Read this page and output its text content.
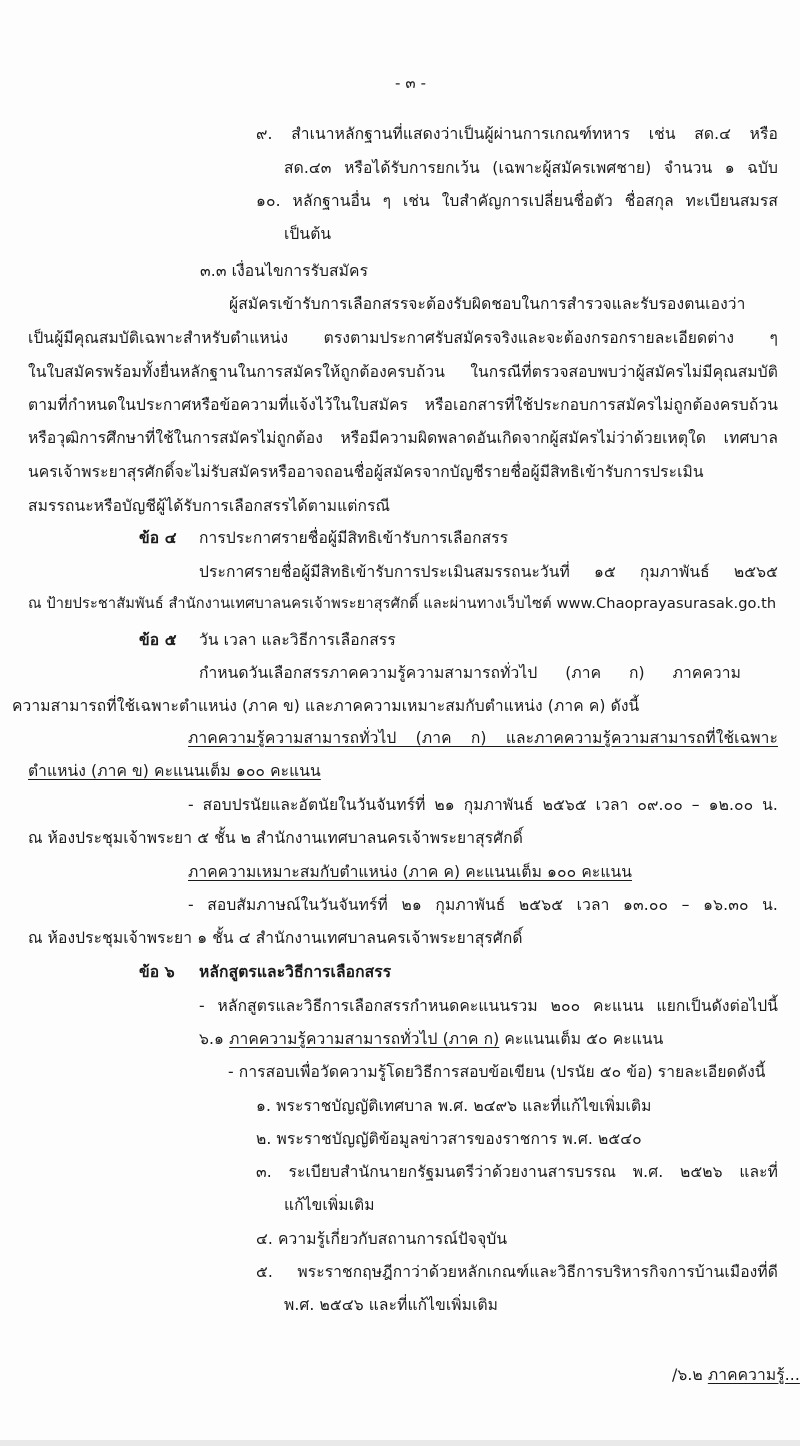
- ๓ -
๙. สำเนาหลักฐานที่แสดงว่าเป็นผู้ผ่านการเกณฑ์ทหาร เช่น สด.๔ หรือ
สด.๔๓ หรือได้รับการยกเว้น (เฉพาะผู้สมัครเพศชาย) จำนวน ๑ ฉบับ
๑๐. หลักฐานอื่น ๆ เช่น ใบสำคัญการเปลี่ยนชื่อตัว ชื่อสกุล ทะเบียนสมรส
เป็นต้น
๓.๓ เงื่อนไขการรับสมัคร
ผู้สมัครเข้ารับการเลือกสรรจะต้องรับผิดชอบในการสำรวจและรับรองตนเองว่า
เป็นผู้มีคุณสมบัติเฉพาะสำหรับตำแหน่ง ตรงตามประกาศรับสมัครจริงและจะต้องกรอกรายละเอียดต่าง ๆ
ในใบสมัครพร้อมทั้งยื่นหลักฐานในการสมัครให้ถูกต้องครบถ้วน ในกรณีที่ตรวจสอบพบว่าผู้สมัครไม่มีคุณสมบัติ
ตามที่กำหนดในประกาศหรือข้อความที่แจ้งไว้ในใบสมัคร หรือเอกสารที่ใช้ประกอบการสมัครไม่ถูกต้องครบถ้วน
หรือวุฒิการศึกษาที่ใช้ในการสมัครไม่ถูกต้อง หรือมีความผิดพลาดอันเกิดจากผู้สมัครไม่ว่าด้วยเหตุใด เทศบาล
นครเจ้าพระยาสุรศักดิ์จะไม่รับสมัครหรืออาจถอนชื่อผู้สมัครจากบัญชีรายชื่อผู้มีสิทธิเข้ารับการประเมิน
สมรรถนะหรือบัญชีผู้ได้รับการเลือกสรรได้ตามแต่กรณี
ข้อ ๔ การประกาศรายชื่อผู้มีสิทธิเข้ารับการเลือกสรร
ประกาศรายชื่อผู้มีสิทธิเข้ารับการประเมินสมรรถนะวันที่ ๑๕ กุมภาพันธ์ ๒๕๖๕
ณ ป้ายประชาสัมพันธ์ สำนักงานเทศบาลนครเจ้าพระยาสุรศักดิ์ และผ่านทางเว็บไซต์ www.Chaoprayasurasak.go.th
ข้อ ๕ วัน เวลา และวิธีการเลือกสรร
กำหนดวันเลือกสรรภาคความรู้ความสามารถทั่วไป (ภาค ก) ภาคความ
ความสามารถที่ใช้เฉพาะตำแหน่ง (ภาค ข) และภาคความเหมาะสมกับตำแหน่ง (ภาค ค) ดังนี้
ภาคความรู้ความสามารถทั่วไป (ภาค ก) และภาคความรู้ความสามารถที่ใช้เฉพาะ
ตำแหน่ง (ภาค ข) คะแนนเต็ม ๑๐๐ คะแนน
- สอบปรนัยและอัตนัยในวันจันทร์ที่ ๒๑ กุมภาพันธ์ ๒๕๖๕ เวลา ๐๙.๐๐ – ๑๒.๐๐ น.
ณ ห้องประชุมเจ้าพระยา ๕ ชั้น ๒ สำนักงานเทศบาลนครเจ้าพระยาสุรศักดิ์
ภาคความเหมาะสมกับตำแหน่ง (ภาค ค) คะแนนเต็ม ๑๐๐ คะแนน
- สอบสัมภาษณ์ในวันจันทร์ที่ ๒๑ กุมภาพันธ์ ๒๕๖๕ เวลา ๑๓.๐๐ – ๑๖.๓๐ น.
ณ ห้องประชุมเจ้าพระยา ๑ ชั้น ๔ สำนักงานเทศบาลนครเจ้าพระยาสุรศักดิ์
ข้อ ๖ หลักสูตรและวิธีการเลือกสรร
- หลักสูตรและวิธีการเลือกสรรกำหนดคะแนนรวม ๒๐๐ คะแนน แยกเป็นดังต่อไปนี้
๖.๑ ภาคความรู้ความสามารถทั่วไป (ภาค ก) คะแนนเต็ม ๕๐ คะแนน
- การสอบเพื่อวัดความรู้โดยวิธีการสอบข้อเขียน (ปรนัย ๕๐ ข้อ) รายละเอียดดังนี้
๑. พระราชบัญญัติเทศบาล พ.ศ. ๒๔๙๖ และที่แก้ไขเพิ่มเติม
๒. พระราชบัญญัติข้อมูลข่าวสารของราชการ พ.ศ. ๒๕๔๐
๓. ระเบียบสำนักนายกรัฐมนตรีว่าด้วยงานสารบรรณ พ.ศ. ๒๕๒๖ และที่
แก้ไขเพิ่มเติม
๔. ความรู้เกี่ยวกับสถานการณ์ปัจจุบัน
๕. พระราชกฤษฎีกาว่าด้วยหลักเกณฑ์และวิธีการบริหารกิจการบ้านเมืองที่ดี
พ.ศ. ๒๕๔๖ และที่แก้ไขเพิ่มเติม
/๖.๒ ภาคความรู้...
